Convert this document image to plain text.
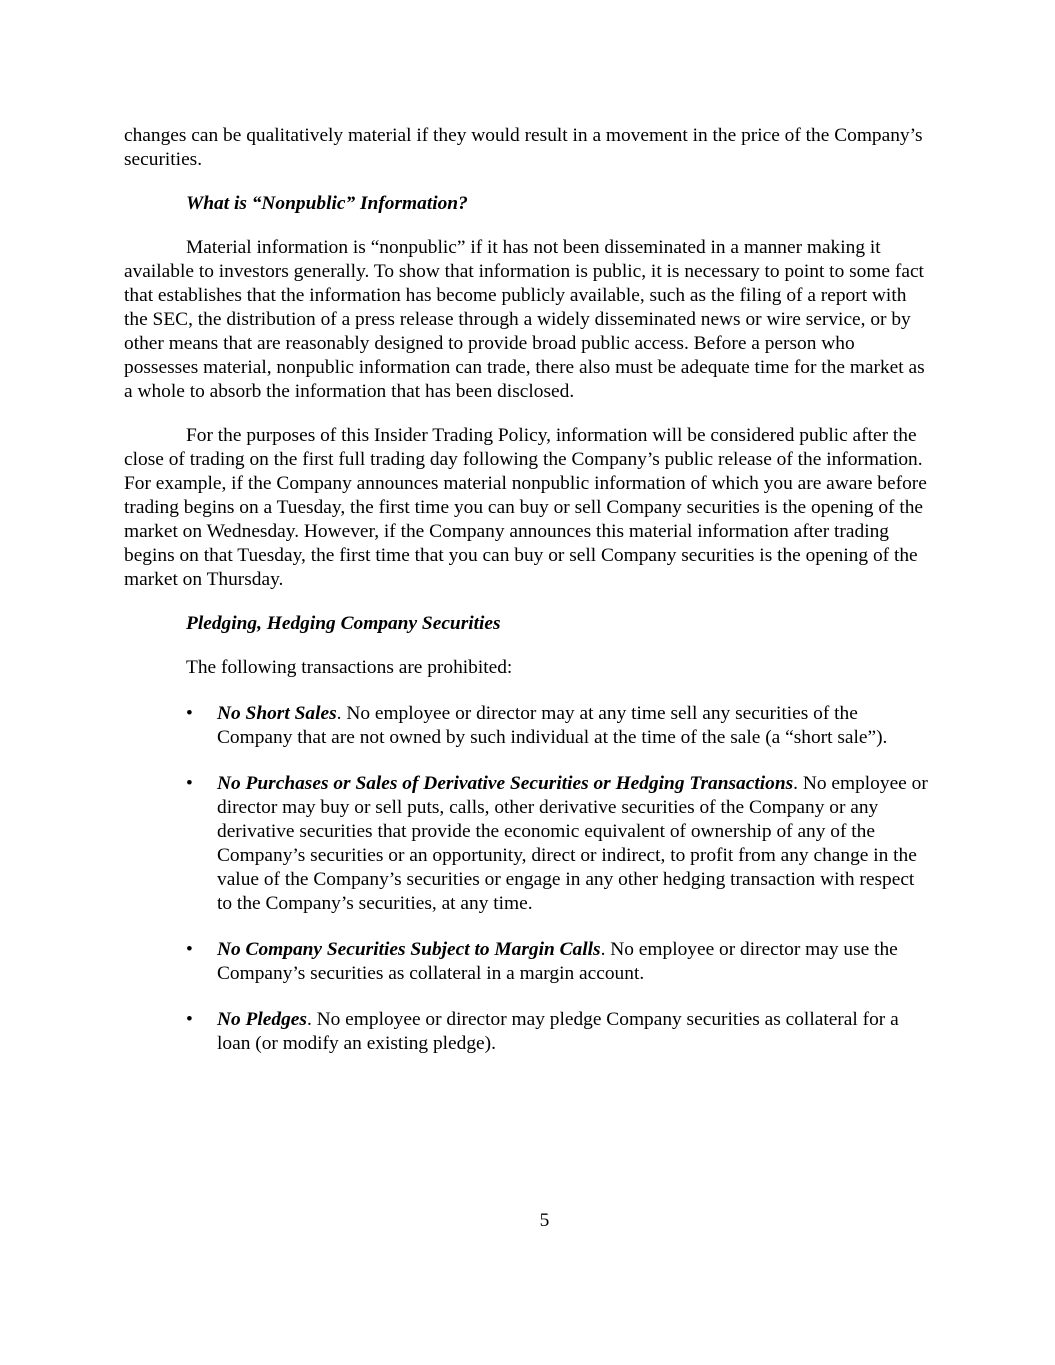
changes can be qualitatively material if they would result in a movement in the price of the Company’s securities.

What is “Nonpublic” Information?

Material information is “nonpublic” if it has not been disseminated in a manner making it available to investors generally. To show that information is public, it is necessary to point to some fact that establishes that the information has become publicly available, such as the filing of a report with the SEC, the distribution of a press release through a widely disseminated news or wire service, or by other means that are reasonably designed to provide broad public access. Before a person who possesses material, nonpublic information can trade, there also must be adequate time for the market as a whole to absorb the information that has been disclosed.

For the purposes of this Insider Trading Policy, information will be considered public after the close of trading on the first full trading day following the Company’s public release of the information. For example, if the Company announces material nonpublic information of which you are aware before trading begins on a Tuesday, the first time you can buy or sell Company securities is the opening of the market on Wednesday. However, if the Company announces this material information after trading begins on that Tuesday, the first time that you can buy or sell Company securities is the opening of the market on Thursday.

Pledging, Hedging Company Securities

The following transactions are prohibited:

• No Short Sales. No employee or director may at any time sell any securities of the Company that are not owned by such individual at the time of the sale (a “short sale”).
• No Purchases or Sales of Derivative Securities or Hedging Transactions. No employee or director may buy or sell puts, calls, other derivative securities of the Company or any derivative securities that provide the economic equivalent of ownership of any of the Company’s securities or an opportunity, direct or indirect, to profit from any change in the value of the Company’s securities or engage in any other hedging transaction with respect to the Company’s securities, at any time.
• No Company Securities Subject to Margin Calls. No employee or director may use the Company’s securities as collateral in a margin account.
• No Pledges. No employee or director may pledge Company securities as collateral for a loan (or modify an existing pledge).
5
